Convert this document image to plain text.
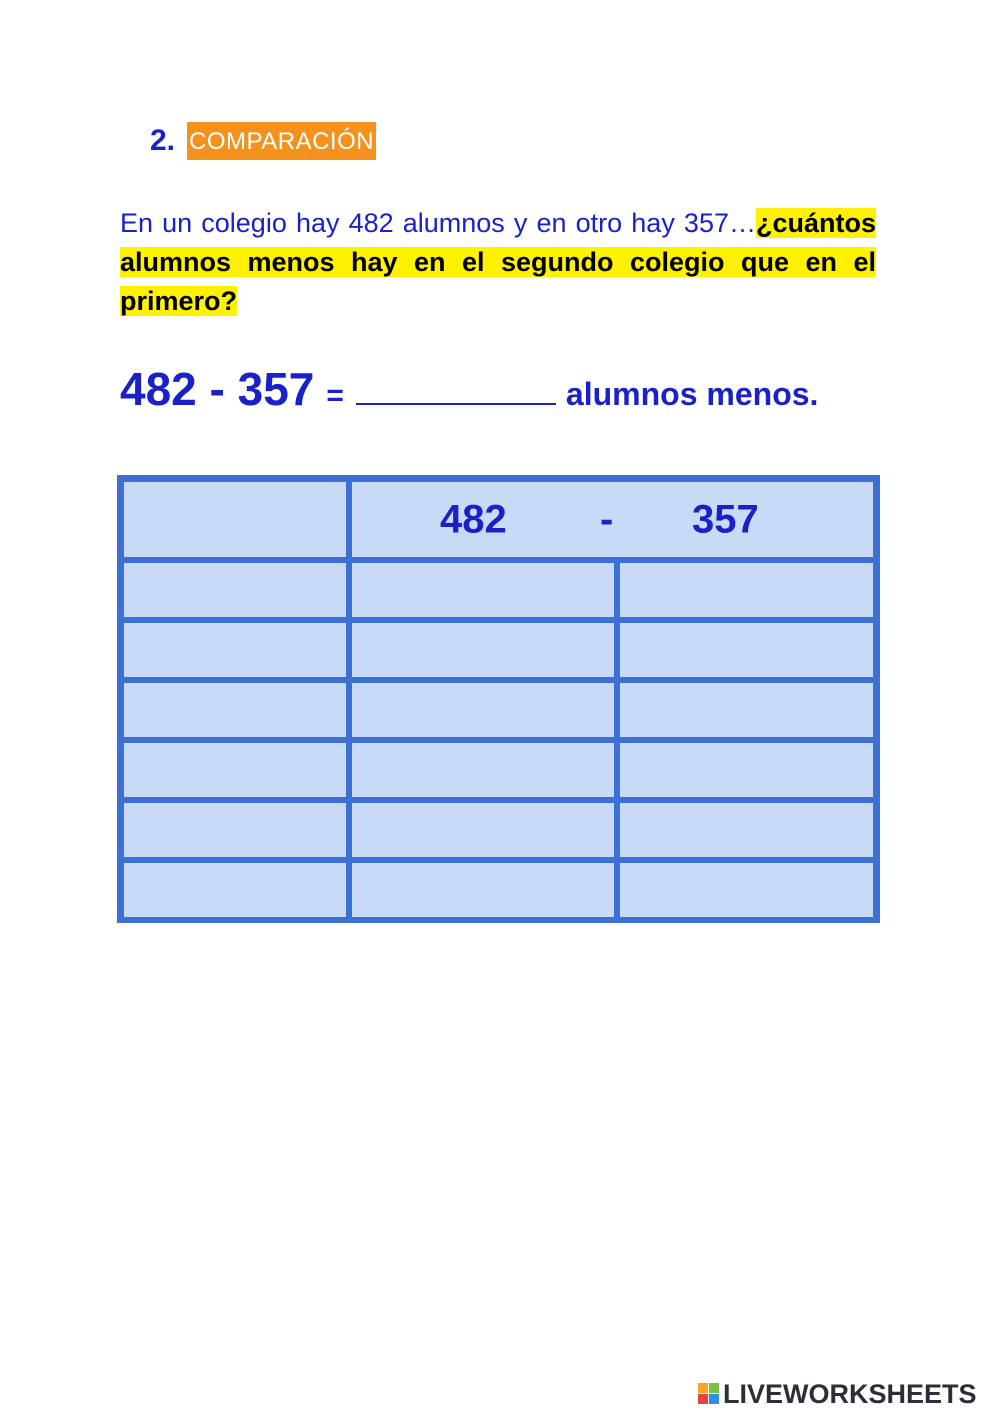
2. COMPARACIÓN
En un colegio hay 482 alumnos y en otro hay 357…¿cuántos alumnos menos hay en el segundo colegio que en el primero?
482 - 357 =	alumnos menos.
482 - 357
LIVEWORKSHEETS
